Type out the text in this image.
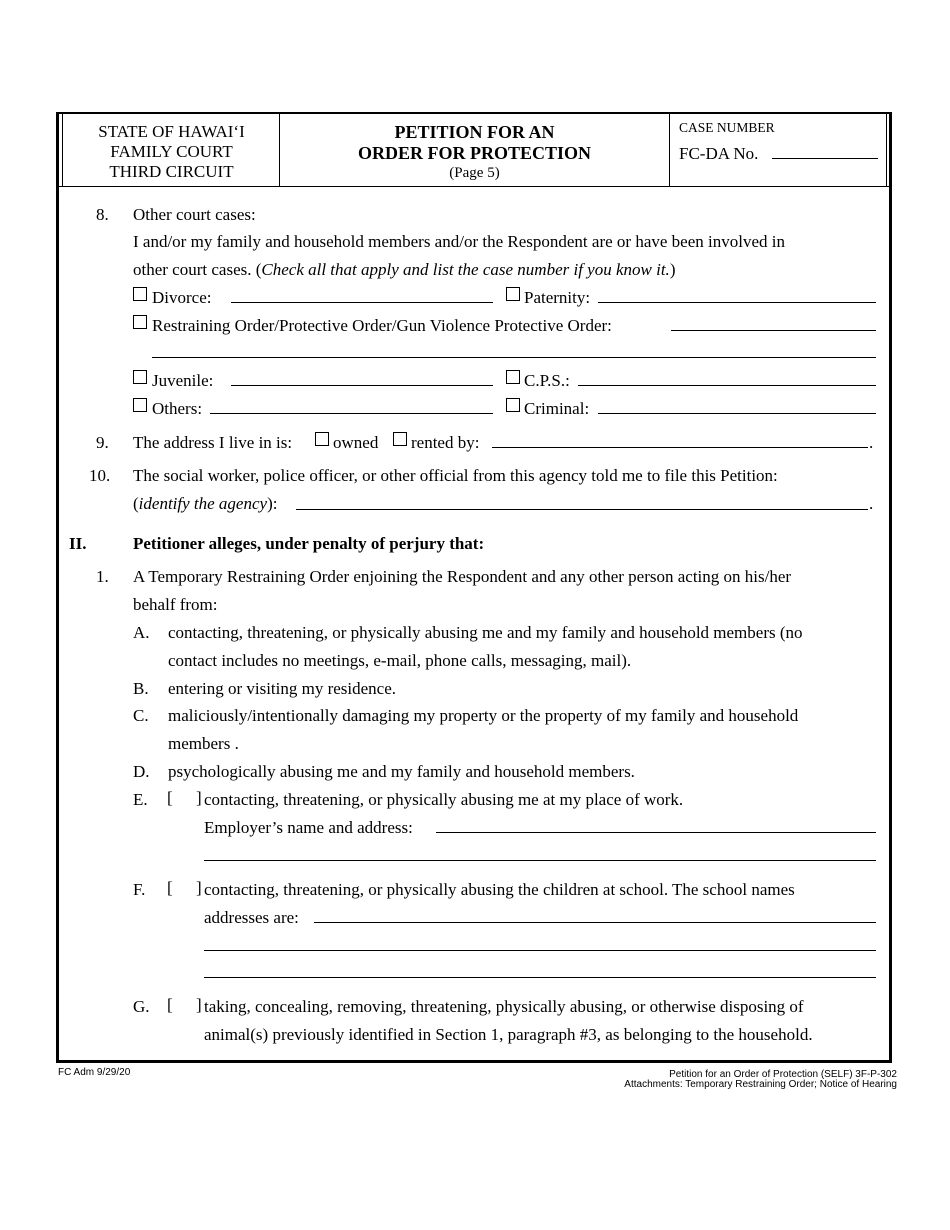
STATE OF HAWAI‘I
FAMILY COURT
THIRD CIRCUIT
PETITION FOR AN
ORDER FOR PROTECTION
(Page 5)
CASE NUMBER
FC-DA No.
8. Other court cases:
I and/or my family and household members and/or the Respondent are or have been involved in
other court cases. (Check all that apply and list the case number if you know it.)
Divorce:	Paternity:
Restraining Order/Protective Order/Gun Violence Protective Order:
Juvenile:	C.P.S.:
Others:	Criminal:
9. The address I live in is: owned rented by:	.
10. The social worker, police officer, or other official from this agency told me to file this Petition:
(identify the agency):	.
II.	Petitioner alleges, under penalty of perjury that:
1. A Temporary Restraining Order enjoining the Respondent and any other person acting on his/her
behalf from:
A. contacting, threatening, or physically abusing me and my family and household members (no
contact includes no meetings, e-mail, phone calls, messaging, mail).
B. entering or visiting my residence.
C. maliciously/intentionally damaging my property or the property of my family and household
members .
D. psychologically abusing me and my family and household members.
E. [ ] contacting, threatening, or physically abusing me at my place of work.
Employer’s name and address:
F. [ ] contacting, threatening, or physically abusing the children at school. The school names
addresses are:
G. [ ] taking, concealing, removing, threatening, physically abusing, or otherwise disposing of
animal(s) previously identified in Section 1, paragraph #3, as belonging to the household.
FC Adm 9/29/20	Petition for an Order of Protection (SELF) 3F-P-302
Attachments: Temporary Restraining Order; Notice of Hearing
